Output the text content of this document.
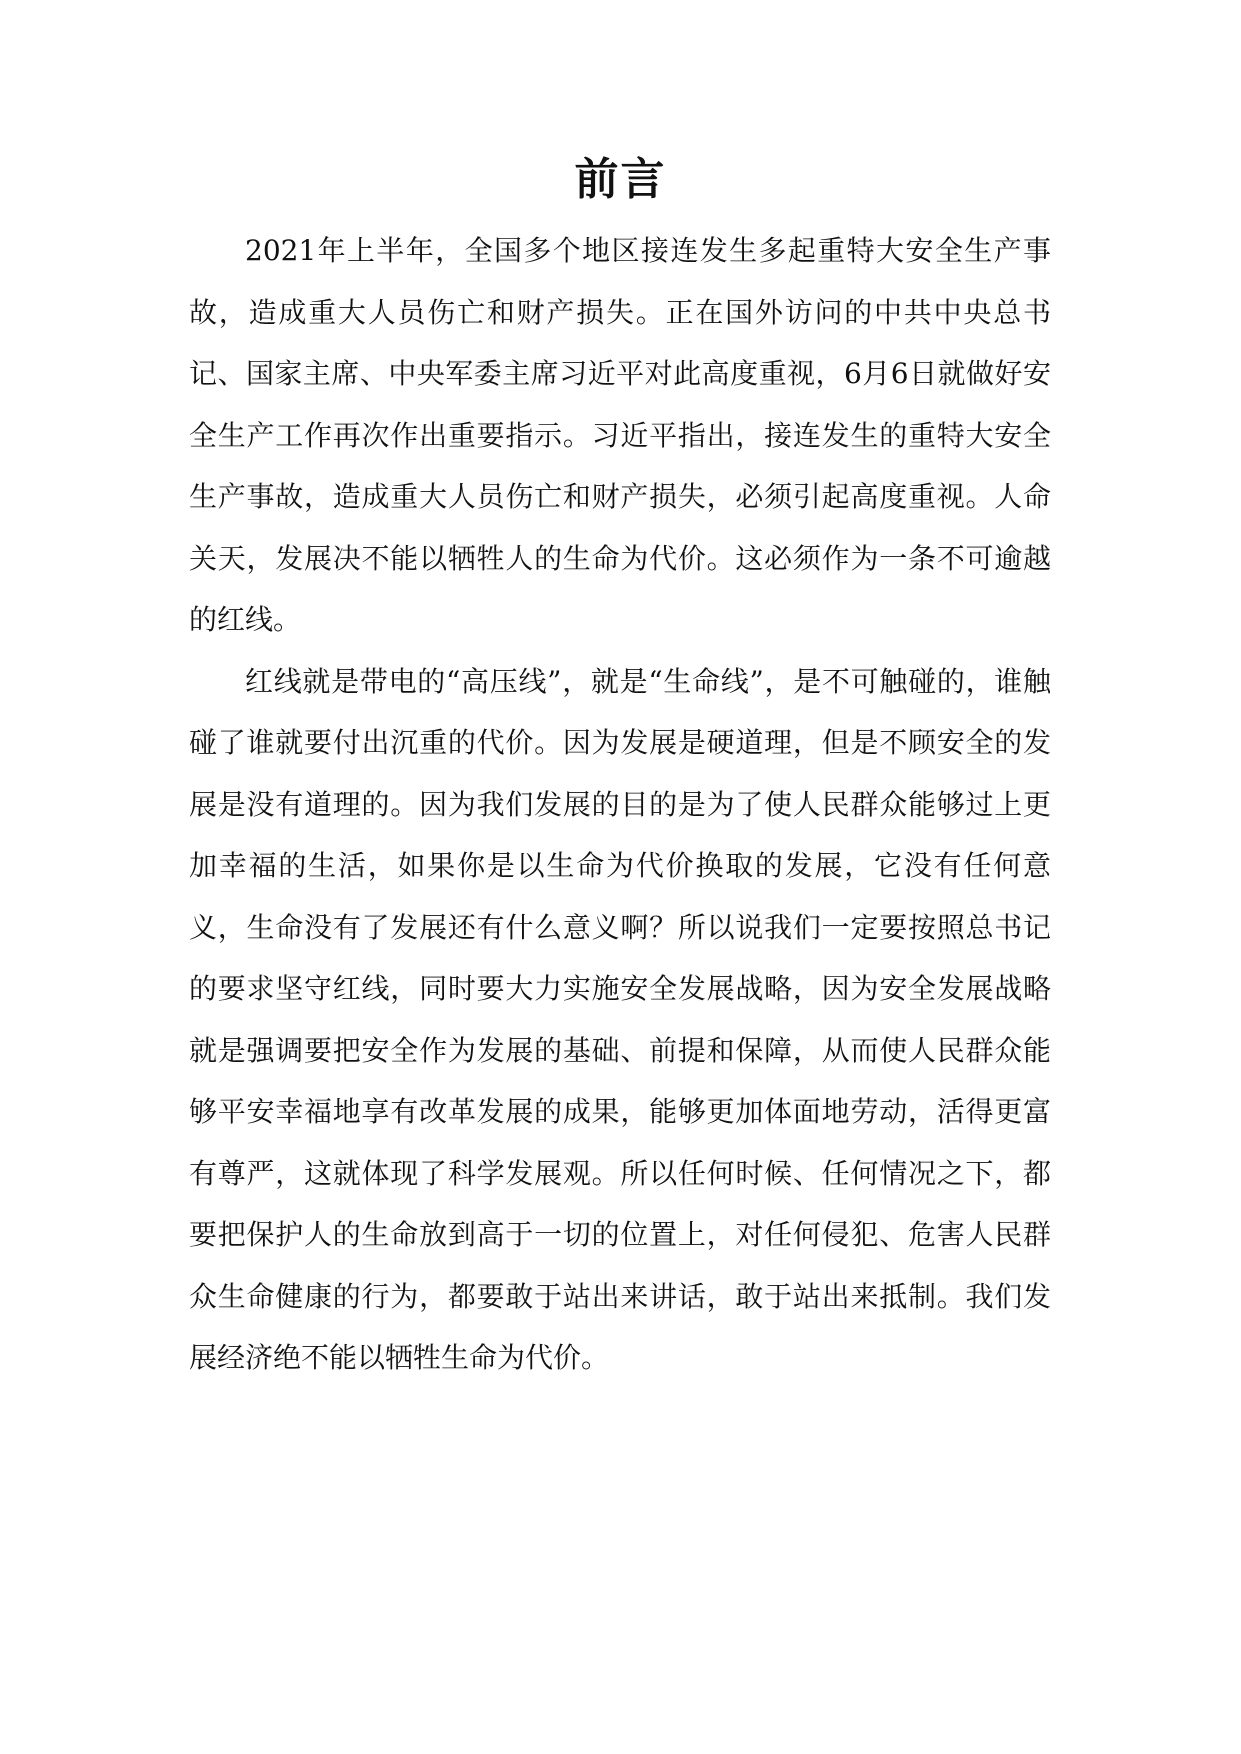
前言

2021年上半年，全国多个地区接连发生多起重特大安全生产事故，造成重大人员伤亡和财产损失。正在国外访问的中共中央总书记、国家主席、中央军委主席习近平对此高度重视，6月6日就做好安全生产工作再次作出重要指示。习近平指出，接连发生的重特大安全生产事故，造成重大人员伤亡和财产损失，必须引起高度重视。人命关天，发展决不能以牺牲人的生命为代价。这必须作为一条不可逾越的红线。

红线就是带电的“高压线”，就是“生命线”，是不可触碰的，谁触碰了谁就要付出沉重的代价。因为发展是硬道理，但是不顾安全的发展是没有道理的。因为我们发展的目的是为了使人民群众能够过上更加幸福的生活，如果你是以生命为代价换取的发展，它没有任何意义，生命没有了发展还有什么意义啊？所以说我们一定要按照总书记的要求坚守红线，同时要大力实施安全发展战略，因为安全发展战略就是强调要把安全作为发展的基础、前提和保障，从而使人民群众能够平安幸福地享有改革发展的成果，能够更加体面地劳动，活得更富有尊严，这就体现了科学发展观。所以任何时候、任何情况之下，都要把保护人的生命放到高于一切的位置上，对任何侵犯、危害人民群众生命健康的行为，都要敢于站出来讲话，敢于站出来抵制。我们发展经济绝不能以牺牲生命为代价。
